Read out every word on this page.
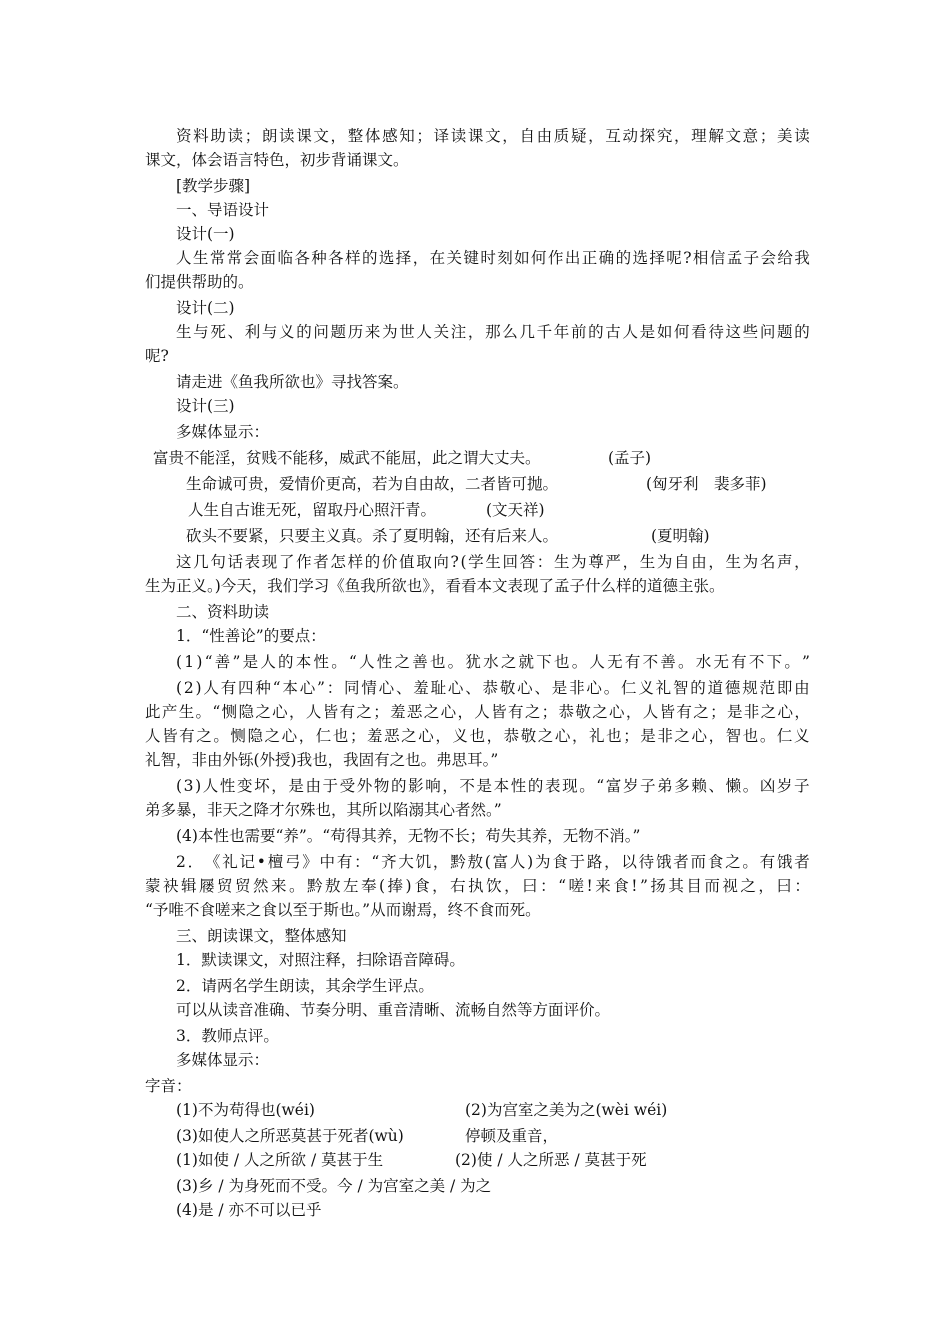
资 料 助 读 ； 朗 读 课 文 ， 整 体 感 知 ； 译 读 课 文 ， 自 由 质 疑 ， 互 动 探 究 ， 理 解 文 意 ； 美 读

课文，体会语言特色，初步背诵课文。

[教学步骤]

一、导语设计

设计(一)

人 生 常 常 会 面 临 各 种 各 样 的 选 择 ， 在 关 键 时 刻 如 何 作 出 正 确 的 选 择 呢 ? 相 信 孟 子 会 给 我

们提供帮助的。

设计(二)

生 与 死 、 利 与 义 的 问 题 历 来 为 世 人 关 注 ， 那 么 几 千 年 前 的 古 人 是 如 何 看 待 这 些 问 题 的

呢?

请走进《鱼我所欲也》寻找答案。

设计(三)

多媒体显示：

富贵不能淫，贫贱不能移，威武不能屈，此之谓大丈夫。	(孟子)

生命诚可贵，爱情价更高，若为自由故，二者皆可抛。	(匈牙利　裴多菲)

人生自古谁无死，留取丹心照汗青。	(文天祥)

砍头不要紧，只要主义真。杀了夏明翰，还有后来人。	(夏明翰)

这 几 句 话 表 现 了 作 者 怎 样 的 价 值 取 向 ? ( 学 生 回 答 ： 生 为 尊 严 ， 生 为 自 由 ， 生 为 名 声 ，

生为正义。)今天，我们学习《鱼我所欲也》，看看本文表现了孟子什么样的道德主张。

二、资料助读

1．“性善论”的要点：

( 1 ) “ 善 ” 是 人 的 本 性 。 “ 人 性 之 善 也 。 犹 水 之 就 下 也 。 人 无 有 不 善 。 水 无 有 不 下 。 ”
( 2 ) 人 有 四 种 “ 本 心 ” ： 同 情 心 、 羞 耻 心 、 恭 敬 心 、 是 非 心 。 仁 义 礼 智 的 道 德 规 范 即 由
此 产 生 。 “ 恻 隐 之 心 ， 人 皆 有 之 ； 羞 恶 之 心 ， 人 皆 有 之 ； 恭 敬 之 心 ， 人 皆 有 之 ； 是 非 之 心 ，
人 皆 有 之 。 恻 隐 之 心 ， 仁 也 ； 羞 恶 之 心 ， 义 也 ， 恭 敬 之 心 ， 礼 也 ； 是 非 之 心 ， 智 也 。 仁 义

礼智，非由外铄(外授)我也，我固有之也。弗思耳。”

( 3 ) 人 性 变 坏 ， 是 由 于 受 外 物 的 影 响 ， 不 是 本 性 的 表 现 。 “ 富 岁 子 弟 多 赖 、 懒 。 凶 岁 子

弟多暴，非天之降才尔殊也，其所以陷溺其心者然。”

(4)本性也需要“养”。“苟得其养，无物不长；苟失其养，无物不消。”

2 ． 《 礼 记 • 檀 弓 》 中 有 ： “ 齐 大 饥 ， 黔 敖 ( 富 人 ) 为 食 于 路 ， 以 待 饿 者 而 食 之 。 有 饿 者
蒙 袂 辑 屦 贸 贸 然 来 。 黔 敖 左 奉 ( 捧 ) 食 ， 右 执 饮 ， 曰 ： “ 嗟 ! 来 食 ! ” 扬 其 目 而 视 之 ， 曰 ：

“予唯不食嗟来之食以至于斯也。”从而谢焉，终不食而死。

三、朗读课文，整体感知

1．默读课文，对照注释，扫除语音障碍。

2．请两名学生朗读，其余学生评点。

可以从读音准确、节奏分明、重音清晰、流畅自然等方面评价。

3．教师点评。

多媒体显示：

字音：

(1)不为苟得也(wéi)	(2)为宫室之美为之(wèi wéi)

(3)如使人之所恶莫甚于死者(wù)	停顿及重音，

(1)如使 / 人之所欲 / 莫甚于生	(2)使 / 人之所恶 / 莫甚于死

(3)乡 / 为身死而不受。今 / 为宫室之美 / 为之

(4)是 / 亦不可以已乎
